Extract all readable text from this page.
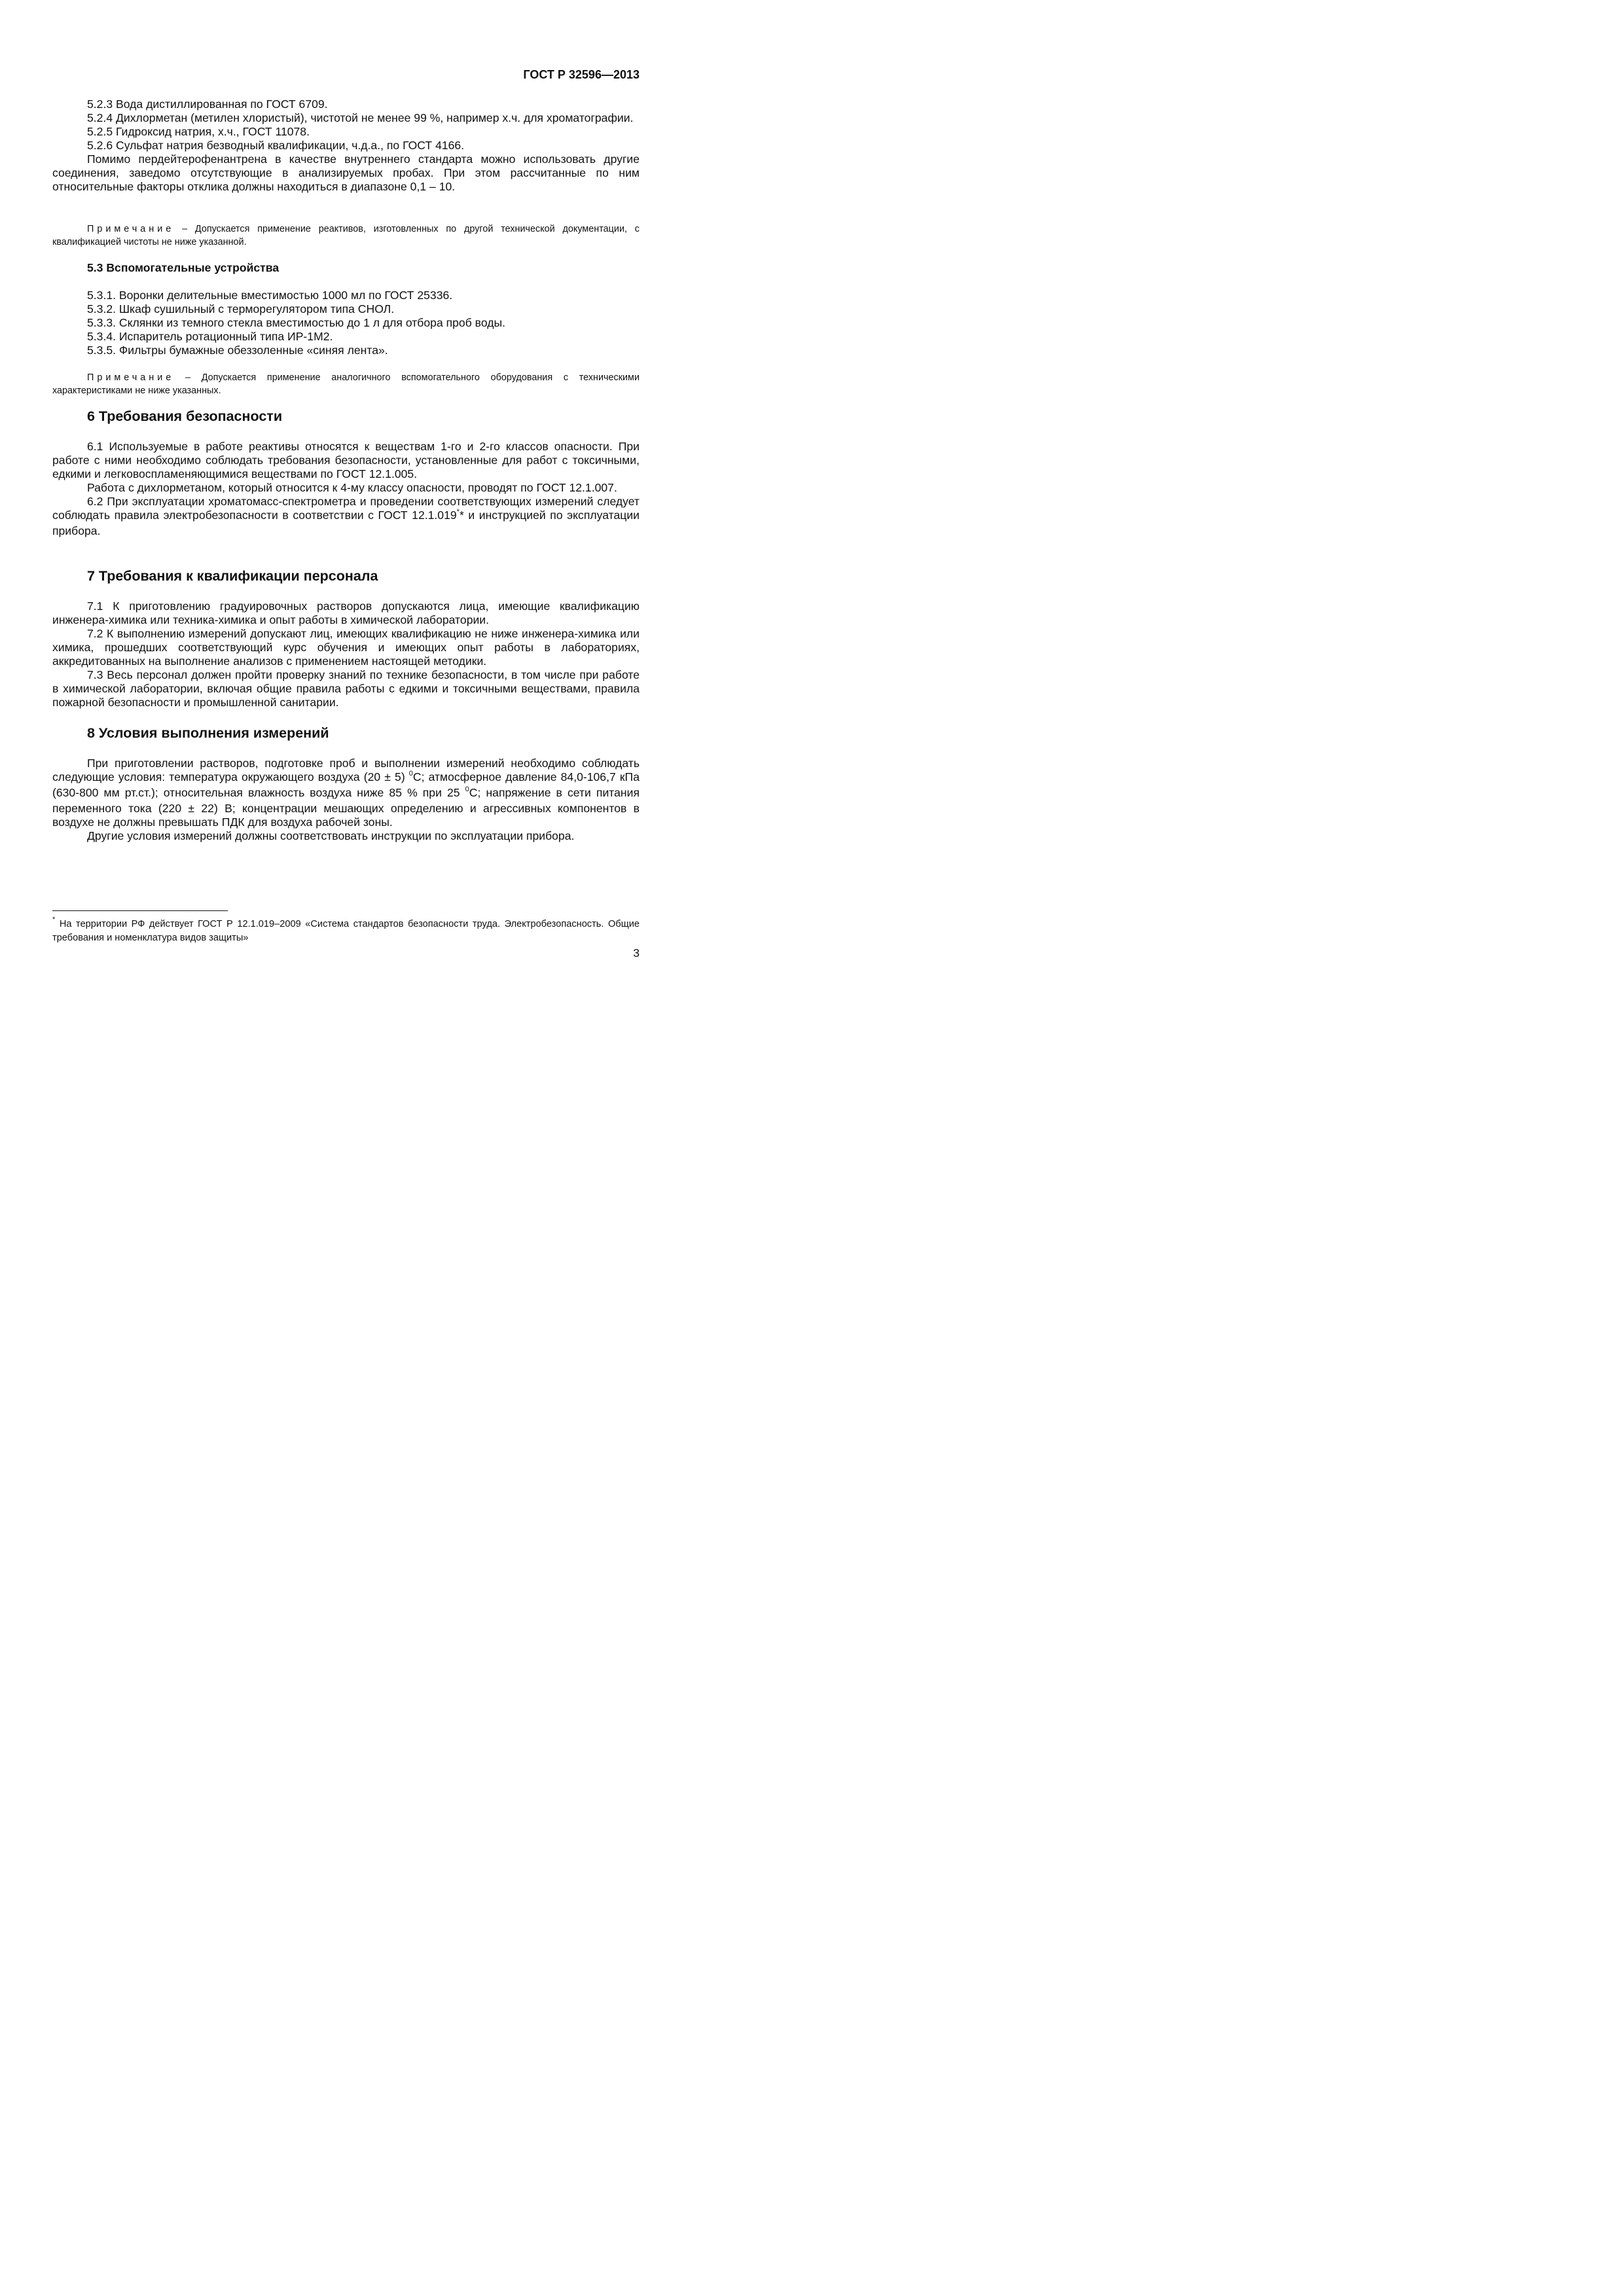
ГОСТ Р 32596—2013

5.2.3 Вода дистиллированная по ГОСТ 6709.

5.2.4 Дихлорметан (метилен хлористый), чистотой не менее 99 %, например х.ч. для хроматографии.

5.2.5 Гидроксид натрия, х.ч., ГОСТ 11078.

5.2.6 Сульфат натрия безводный квалификации, ч.д.а., по ГОСТ 4166.

Помимо пердейтерофенантрена в качестве внутреннего стандарта можно использовать другие соединения, заведомо отсутствующие в анализируемых пробах. При этом рассчитанные по ним относительные факторы отклика должны находиться в диапазоне 0,1 – 10.

Примечание – Допускается применение реактивов, изготовленных по другой технической документации, с квалификацией чистоты не ниже указанной.

5.3 Вспомогательные устройства

5.3.1. Воронки делительные вместимостью 1000 мл по ГОСТ 25336.

5.3.2. Шкаф сушильный с терморегулятором типа СНОЛ.

5.3.3. Склянки из темного стекла вместимостью до 1 л для отбора проб воды.

5.3.4. Испаритель ротационный типа ИР-1М2.

5.3.5. Фильтры бумажные обеззоленные «синяя лента».

Примечание – Допускается применение аналогичного вспомогательного оборудования с техническими характеристиками не ниже указанных.

6 Требования безопасности

6.1 Используемые в работе реактивы относятся к веществам 1-го и 2-го классов опасности. При работе с ними необходимо соблюдать требования безопасности, установленные для работ с токсичными, едкими и легковоспламеняющимися веществами по ГОСТ 12.1.005.

Работа с дихлорметаном, который относится к 4-му классу опасности, проводят по ГОСТ 12.1.007.

6.2 При эксплуатации хроматомасс-спектрометра и проведении соответствующих измерений следует соблюдать правила электробезопасности в соответствии с ГОСТ 12.1.019** и инструкцией по эксплуатации прибора.

7 Требования к квалификации персонала

7.1 К приготовлению градуировочных растворов допускаются лица, имеющие квалификацию инженера-химика или техника-химика и опыт работы в химической лаборатории.

7.2 К выполнению измерений допускают лиц, имеющих квалификацию не ниже инженера-химика или химика, прошедших соответствующий курс обучения и имеющих опыт работы в лабораториях, аккредитованных на выполнение анализов с применением настоящей методики.

7.3 Весь персонал должен пройти проверку знаний по технике безопасности, в том числе при работе в химической лаборатории, включая общие правила работы с едкими и токсичными веществами, правила пожарной безопасности и промышленной санитарии.

8 Условия выполнения измерений

При приготовлении растворов, подготовке проб и выполнении измерений необходимо соблюдать следующие условия: температура окружающего воздуха (20 ± 5) $^0$С; атмосферное давление 84,0-106,7 кПа (630-800 мм рт.ст.); относительная влажность воздуха ниже 85 % при 25 $^0$С; напряжение в сети питания переменного тока (220 ± 22) В; концентрации мешающих определению и агрессивных компонентов в воздухе не должны превышать ПДК для воздуха рабочей зоны.

Другие условия измерений должны соответствовать инструкции по эксплуатации прибора.

* На территории РФ действует ГОСТ Р 12.1.019–2009 «Система стандартов безопасности труда. Электробезопасность. Общие требования и номенклатура видов защиты»
3
